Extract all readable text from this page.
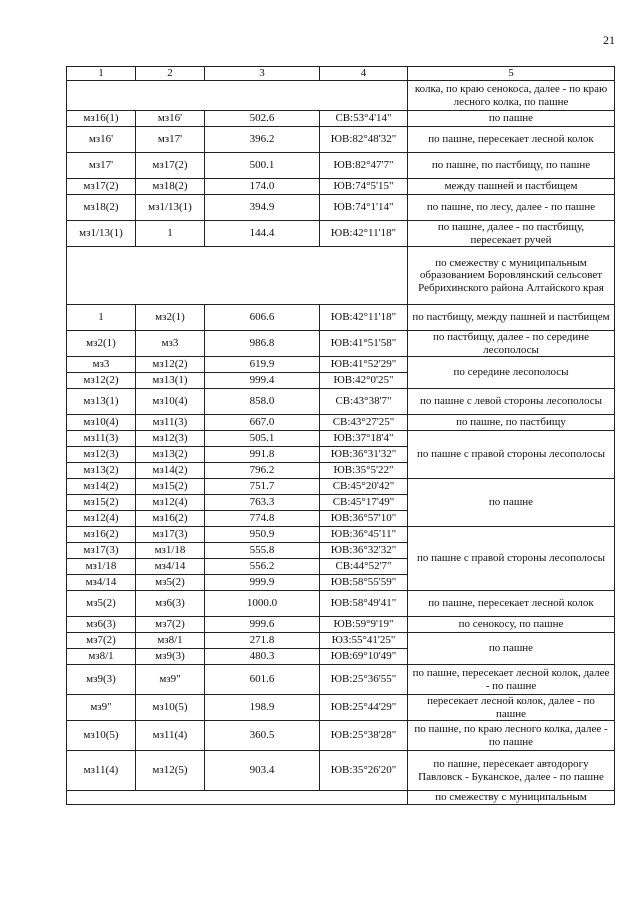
21
1	2	3	4	5
				колка, по краю сенокоса, далее - по краю лесного колка, по пашне
мз16(1)	мз16'	502.6	СВ:53°4'14"	по пашне
мз16'	мз17'	396.2	ЮВ:82°48'32"	по пашне, пересекает лесной колок
мз17'	мз17(2)	500.1	ЮВ:82°47'7"	по пашне, по пастбищу, по пашне
мз17(2)	мз18(2)	174.0	ЮВ:74°5'15"	между пашней и пастбищем
мз18(2)	мз1/13(1)	394.9	ЮВ:74°1'14"	по пашне, по лесу, далее - по пашне
мз1/13(1)	1	144.4	ЮВ:42°11'18"	по пашне, далее - по пастбищу, пересекает ручей
				по смежеству с муниципальным образованием Боровлянский сельсовет Ребрихинского района Алтайского края
1	мз2(1)	606.6	ЮВ:42°11'18"	по пастбищу, между пашней и пастбищем
мз2(1)	мз3	986.8	ЮВ:41°51'58"	по пастбищу, далее - по середине лесополосы
мз3	мз12(2)	619.9	ЮВ:41°52'29"	по середине лесополосы
мз12(2)	мз13(1)	999.4	ЮВ:42°0'25"	
мз13(1)	мз10(4)	858.0	СВ:43°38'7"	по пашне с левой стороны лесополосы
мз10(4)	мз11(3)	667.0	СВ:43°27'25"	по пашне, по пастбищу
мз11(3)	мз12(3)	505.1	ЮВ:37°18'4"	по пашне с правой стороны лесополосы
мз12(3)	мз13(2)	991.8	ЮВ:36°31'32"	
мз13(2)	мз14(2)	796.2	ЮВ:35°5'22"	
мз14(2)	мз15(2)	751.7	СВ:45°20'42"	по пашне
мз15(2)	мз12(4)	763.3	СВ:45°17'49"	
мз12(4)	мз16(2)	774.8	ЮВ:36°57'10"	
мз16(2)	мз17(3)	950.9	ЮВ:36°45'11"	по пашне с правой стороны лесополосы
мз17(3)	мз1/18	555.8	ЮВ:36°32'32"	
мз1/18	мз4/14	556.2	СВ:44°52'7"	
мз4/14	мз5(2)	999.9	ЮВ:58°55'59"	
мз5(2)	мз6(3)	1000.0	ЮВ:58°49'41"	по пашне, пересекает лесной колок
мз6(3)	мз7(2)	999.6	ЮВ:59°9'19"	по сенокосу, по пашне
мз7(2)	мз8/1	271.8	ЮЗ:55°41'25"	по пашне
мз8/1	мз9(3)	480.3	ЮВ:69°10'49"	
мз9(3)	мз9"	601.6	ЮВ:25°36'55"	по пашне, пересекает лесной колок, далее - по пашне
мз9"	мз10(5)	198.9	ЮВ:25°44'29"	пересекает лесной колок, далее - по пашне
мз10(5)	мз11(4)	360.5	ЮВ:25°38'28"	по пашне, по краю лесного колка, далее - по пашне
мз11(4)	мз12(5)	903.4	ЮВ:35°26'20"	по пашне, пересекает автодорогу Павловск - Буканское, далее - по пашне
				по смежеству с муниципальным
